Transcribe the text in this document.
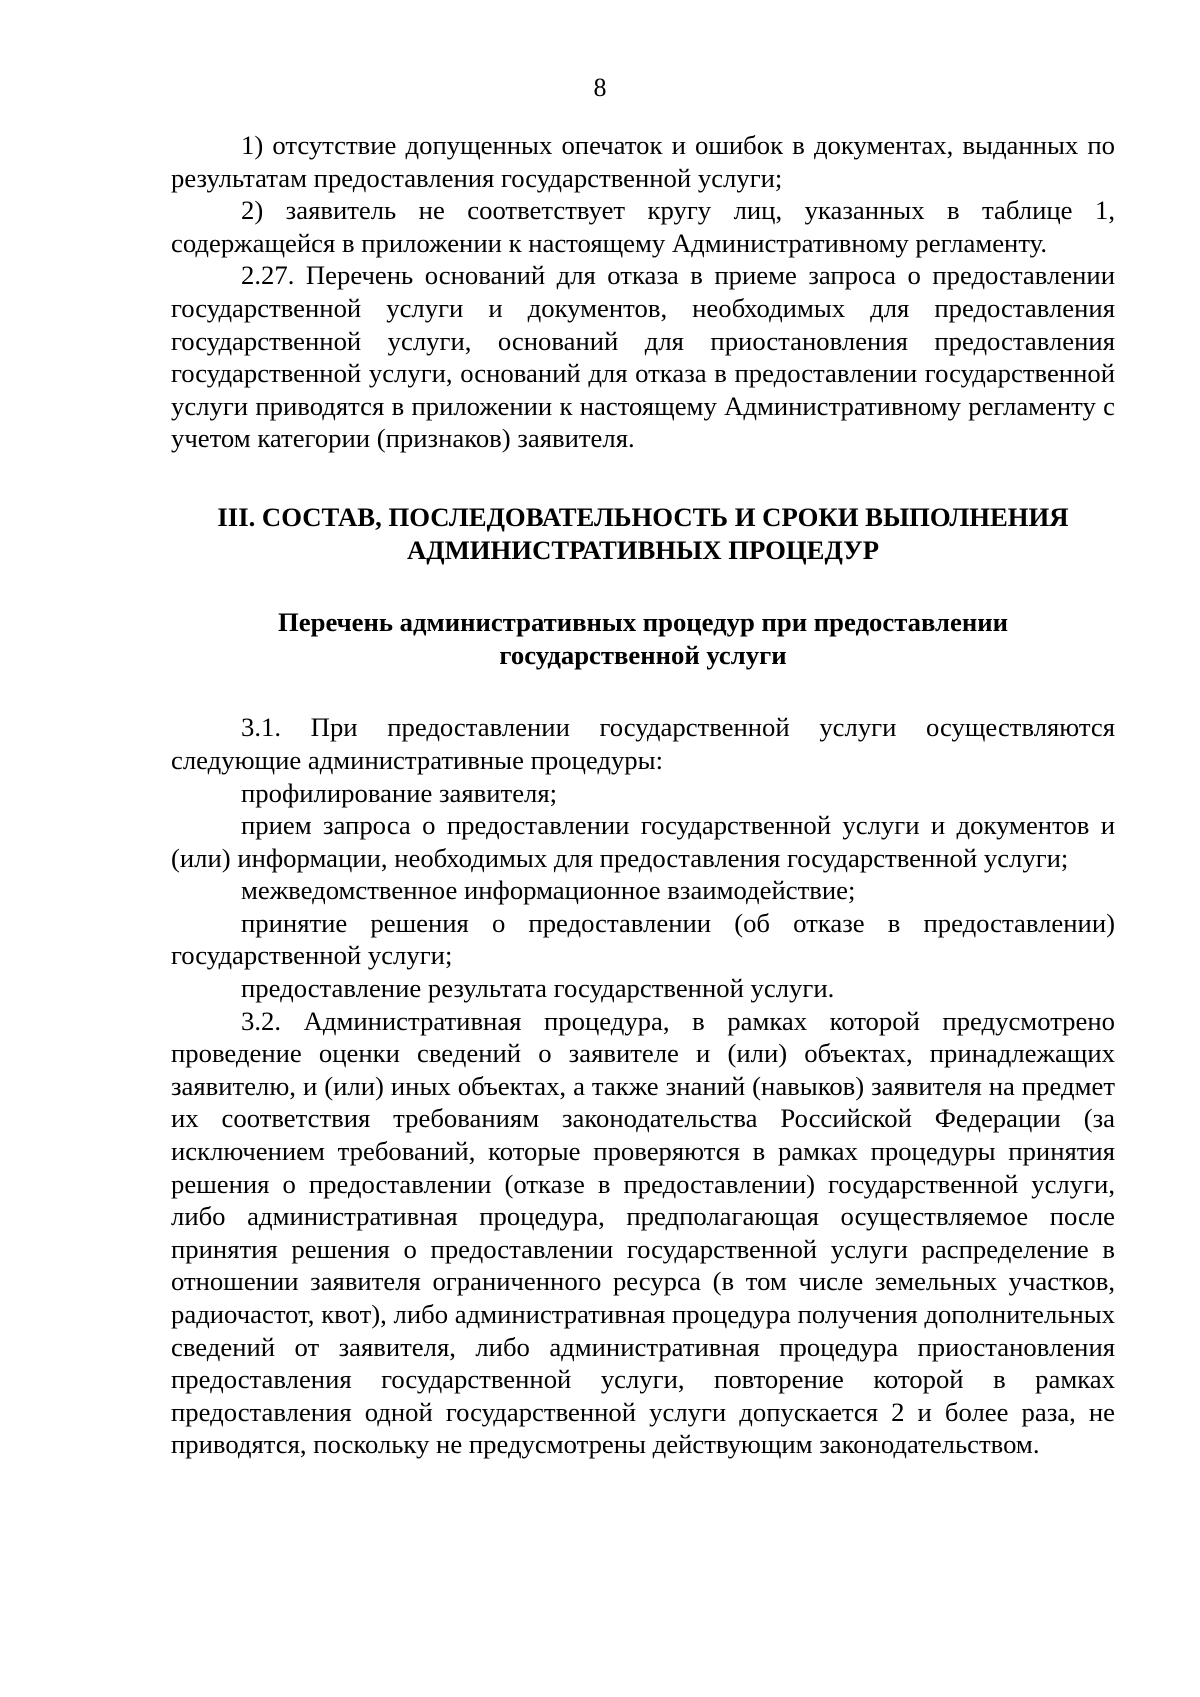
8

1) отсутствие допущенных опечаток и ошибок в документах, выданных по результатам предоставления государственной услуги;

2) заявитель не соответствует кругу лиц, указанных в таблице 1, содержащейся в приложении к настоящему Административному регламенту.

2.27. Перечень оснований для отказа в приеме запроса о предоставлении государственной услуги и документов, необходимых для предоставления государственной услуги, оснований для приостановления предоставления государственной услуги, оснований для отказа в предоставлении государственной услуги приводятся в приложении к настоящему Административному регламенту с учетом категории (признаков) заявителя.

III. СОСТАВ, ПОСЛЕДОВАТЕЛЬНОСТЬ И СРОКИ ВЫПОЛНЕНИЯ АДМИНИСТРАТИВНЫХ ПРОЦЕДУР

Перечень административных процедур при предоставлении государственной услуги

3.1. При предоставлении государственной услуги осуществляются следующие административные процедуры:

профилирование заявителя;

прием запроса о предоставлении государственной услуги и документов и (или) информации, необходимых для предоставления государственной услуги;

межведомственное информационное взаимодействие;

принятие решения о предоставлении (об отказе в предоставлении) государственной услуги;

предоставление результата государственной услуги.

3.2. Административная процедура, в рамках которой предусмотрено проведение оценки сведений о заявителе и (или) объектах, принадлежащих заявителю, и (или) иных объектах, а также знаний (навыков) заявителя на предмет их соответствия требованиям законодательства Российской Федерации (за исключением требований, которые проверяются в рамках процедуры принятия решения о предоставлении (отказе в предоставлении) государственной услуги, либо административная процедура, предполагающая осуществляемое после принятия решения о предоставлении государственной услуги распределение в отношении заявителя ограниченного ресурса (в том числе земельных участков, радиочастот, квот), либо административная процедура получения дополнительных сведений от заявителя, либо административная процедура приостановления предоставления государственной услуги, повторение которой в рамках предоставления одной государственной услуги допускается 2 и более раза, не приводятся, поскольку не предусмотрены действующим законодательством.
